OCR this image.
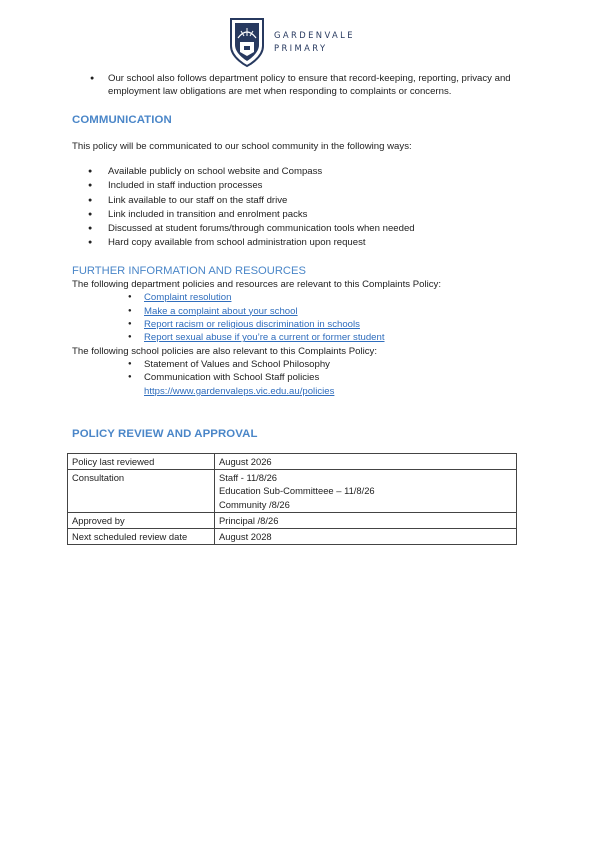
GARDENVALE
PRIMARY
● Our school also follows department policy to ensure that record-keeping, reporting, privacy and employment law obligations are met when responding to complaints or concerns.
COMMUNICATION

This policy will be communicated to our school community in the following ways:

● Available publicly on school website and Compass
● Included in staff induction processes
● Link available to our staff on the staff drive
● Link included in transition and enrolment packs
● Discussed at student forums/through communication tools when needed
● Hard copy available from school administration upon request
FURTHER INFORMATION AND RESOURCES

The following department policies and resources are relevant to this Complaints Policy:

● Complaint resolution
● Make a complaint about your school
● Report racism or religious discrimination in schools
● Report sexual abuse if you’re a current or former student

The following school policies are also relevant to this Complaints Policy:

● Statement of Values and School Philosophy
● Communication with School Staff policies
https://www.gardenvaleps.vic.edu.au/policies
POLICY REVIEW AND APPROVAL
Policy last reviewed	August 2026
Consultation	Staff - 11/8/26
Education Sub-Committeee – 11/8/26
Community /8/26

Approved by	Principal /8/26
Next scheduled review date	August 2028
